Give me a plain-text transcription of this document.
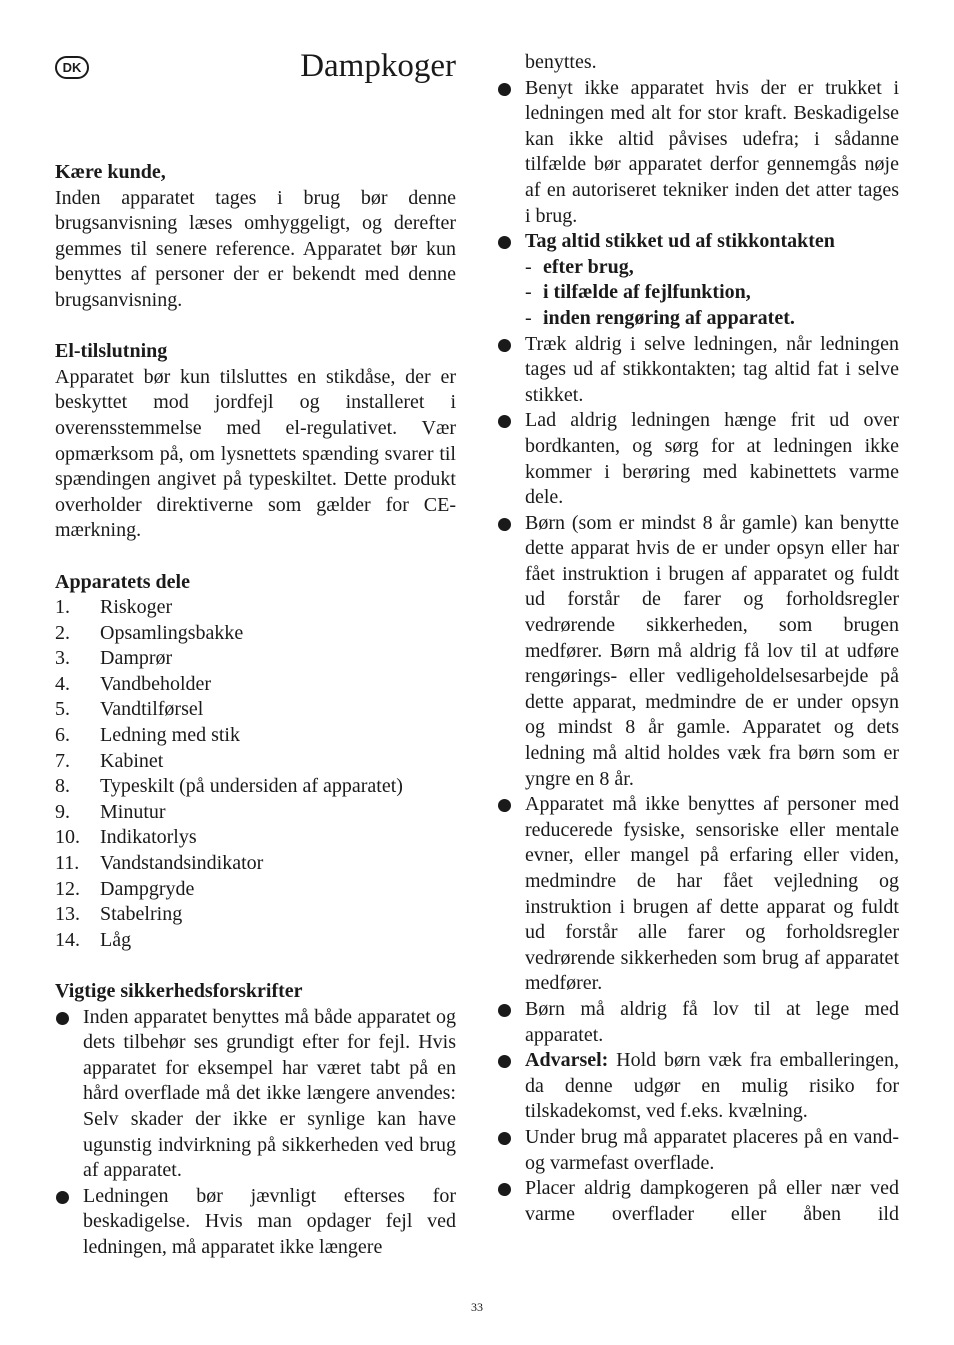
DK	Dampkoger

Kære kunde,

Inden apparatet tages i brug bør denne brugsanvisning læses omhyggeligt, og derefter gemmes til senere reference. Apparatet bør kun benyttes af personer der er bekendt med denne brugsanvisning.

El-tilslutning

Apparatet bør kun tilsluttes en stikdåse, der er beskyttet mod jordfejl og installeret i overensstemmelse med el-regulativet. Vær opmærksom på, om lysnettets spænding svarer til spændingen angivet på typeskiltet. Dette produkt overholder direktiverne som gælder for CE-mærkning.

Apparatets dele

1.	Riskoger
2.	Opsamlingsbakke
3.	Damprør
4.	Vandbeholder
5.	Vandtilførsel
6.	Ledning med stik
7.	Kabinet
8.	Typeskilt (på undersiden af apparatet)
9.	Minutur
10.	Indikatorlys
11.	Vandstandsindikator
12.	Dampgryde
13.	Stabelring
14.	Låg

Vigtige sikkerhedsforskrifter

Inden apparatet benyttes må både apparatet og dets tilbehør ses grundigt efter for fejl. Hvis apparatet for eksempel har været tabt på en hård overflade må det ikke længere anvendes: Selv skader der ikke er synlige kan have ugunstig indvirkning på sikkerheden ved brug af apparatet.

Ledningen bør jævnligt efterses for beskadigelse. Hvis man opdager fejl ved ledningen, må apparatet ikke længere

benyttes.

Benyt ikke apparatet hvis der er trukket i ledningen med alt for stor kraft. Beskadigelse kan ikke altid påvises udefra; i sådanne tilfælde bør apparatet derfor gennemgås nøje af en autoriseret tekniker inden det atter tages i brug.

Tag altid stikket ud af stikkontakten

- efter brug,
- i tilfælde af fejlfunktion,
- inden rengøring af apparatet.

Træk aldrig i selve ledningen, når ledningen tages ud af stikkontakten; tag altid fat i selve stikket.

Lad aldrig ledningen hænge frit ud over bordkanten, og sørg for at ledningen ikke kommer i berøring med kabinettets varme dele.

Børn (som er mindst 8 år gamle) kan benytte dette apparat hvis de er under opsyn eller har fået instruktion i brugen af apparatet og fuldt ud forstår de farer og forholdsregler vedrørende sikkerheden, som brugen medfører. Børn må aldrig få lov til at udføre rengørings- eller vedligeholdelsesarbejde på dette apparat, medmindre de er under opsyn og mindst 8 år gamle. Apparatet og dets ledning må altid holdes væk fra børn som er yngre en 8 år.

Apparatet må ikke benyttes af personer med reducerede fysiske, sensoriske eller mentale evner, eller mangel på erfaring eller viden, medmindre de har fået vejledning og instruktion i brugen af dette apparat og fuldt ud forstår alle farer og forholdsregler vedrørende sikkerheden som brug af apparatet medfører.

Børn må aldrig få lov til at lege med apparatet.

Advarsel: Hold børn væk fra emballeringen, da denne udgør en mulig risiko for tilskadekomst, ved f.eks. kvælning.

Under brug må apparatet placeres på en vand- og varmefast overflade.

Placer aldrig dampkogeren på eller nær ved varme overflader eller åben ild

33
